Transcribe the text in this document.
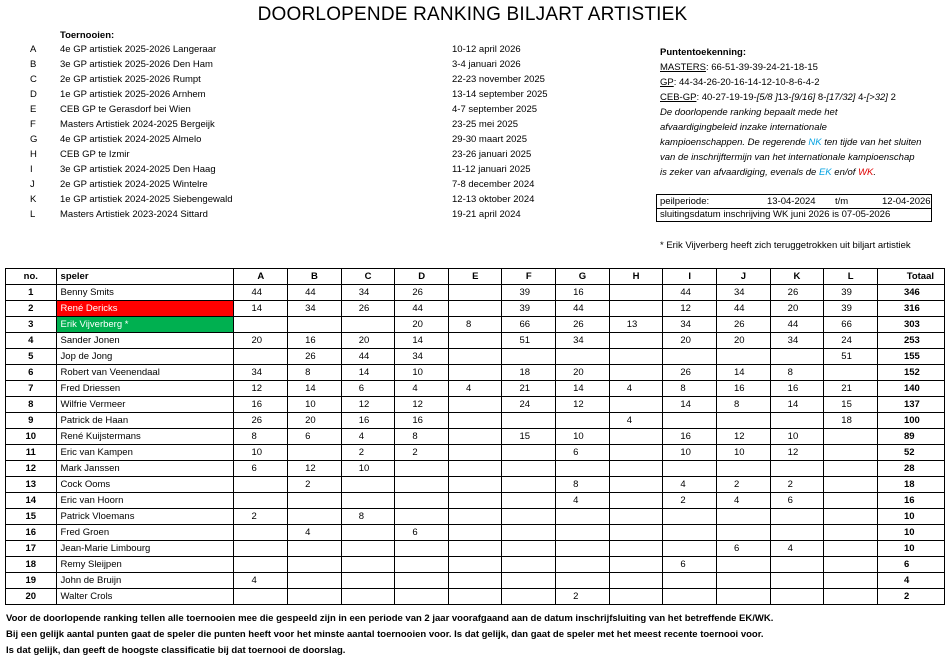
DOORLOPENDE RANKING BILJART ARTISTIEK
Toernooien:
A 4e GP artistiek 2025-2026 Langeraar	10-12 april 2026
B 3e GP artistiek 2025-2026 Den Ham	3-4 januari 2026
C 2e GP artistiek 2025-2026 Rumpt	22-23 november 2025
D 1e GP artistiek 2025-2026 Arnhem	13-14 september 2025
E CEB GP te Gerasdorf bei Wien	4-7 september 2025
F	Masters Artistiek 2024-2025 Bergeijk	23-25 mei 2025
G 4e GP artistiek 2024-2025 Almelo	29-30 maart 2025
H CEB GP te Izmir	23-26 januari 2025
I	3e GP artistiek 2024-2025 Den Haag	11-12 januari 2025
J	2e GP artistiek 2024-2025 Wintelre	7-8 december 2024
K 1e GP artistiek 2024-2025 Siebengewald	12-13 oktober 2024
L	Masters Artistiek 2023-2024 Sittard	19-21 april 2024
Puntentoekenning:
MASTERS: 66-51-39-39-24-21-18-15
GP: 44-34-26-20-16-14-12-10-8-6-4-2
CEB-GP: 40-27-19-19-[5/8 ]13-[9/16] 8-[17/32] 4-[>32] 2
De doorlopende ranking bepaalt mede het
afvaardigingbeleid inzake internationale
kampioenschappen. De regerende NK ten tijde van het sluiten
van de inschrijftermijn van het internationale kampioenschap
is zeker van afvaardiging, evenals de EK en/of WK.
peilperiode:	13-04-2024 t/m	12-04-2026
sluitingsdatum inschrijving WK juni 2026 is 07-05-2026
* Erik Vijverberg heeft zich teruggetrokken uit biljart artistiek
no.	speler	A	B	C	D	E	F	G	H	I	J	K	L	Totaal
1	Benny Smits	44	44	34	26		39	16		44	34	26	39	346
2	René Dericks	14	34	26	44		39	44		12	44	20	39	316
3	Erik Vijverberg *				20	8	66	26	13	34	26	44	66	303
4	Sander Jonen	20	16	20	14		51	34		20	20	34	24	253
5	Jop de Jong		26	44	34								51	155
6	Robert van Veenendaal	34	8	14	10		18	20		26	14	8		152
7	Fred Driessen	12	14	6	4	4	21	14	4	8	16	16	21	140
8	Wilfrie Vermeer	16	10	12	12		24	12		14	8	14	15	137
9	Patrick de Haan	26	20	16	16				4				18	100
10	René Kuijstermans	8	6	4	8		15	10		16	12	10		89
11	Eric van Kampen	10		2	2			6		10	10	12		52
12	Mark Janssen	6	12	10										28
13	Cock Ooms		2					8		4	2	2		18
14	Eric van Hoorn							4		2	4	6		16
15	Patrick Vloemans	2		8										10
16	Fred Groen		4		6									10
17	Jean-Marie Limbourg										6	4		10
18	Remy Sleijpen									6				6
19	John de Bruijn	4												4
20	Walter Crols							2						2
Voor de doorlopende ranking tellen alle toernooien mee die gespeeld zijn in een periode van 2 jaar voorafgaand aan de datum inschrijfsluiting van het betreffende EK/WK.
Bij een gelijk aantal punten gaat de speler die punten heeft voor het minste aantal toernooien voor. Is dat gelijk, dan gaat de speler met het meest recente toernooi voor.
Is dat gelijk, dan geeft de hoogste classificatie bij dat toernooi de doorslag.
